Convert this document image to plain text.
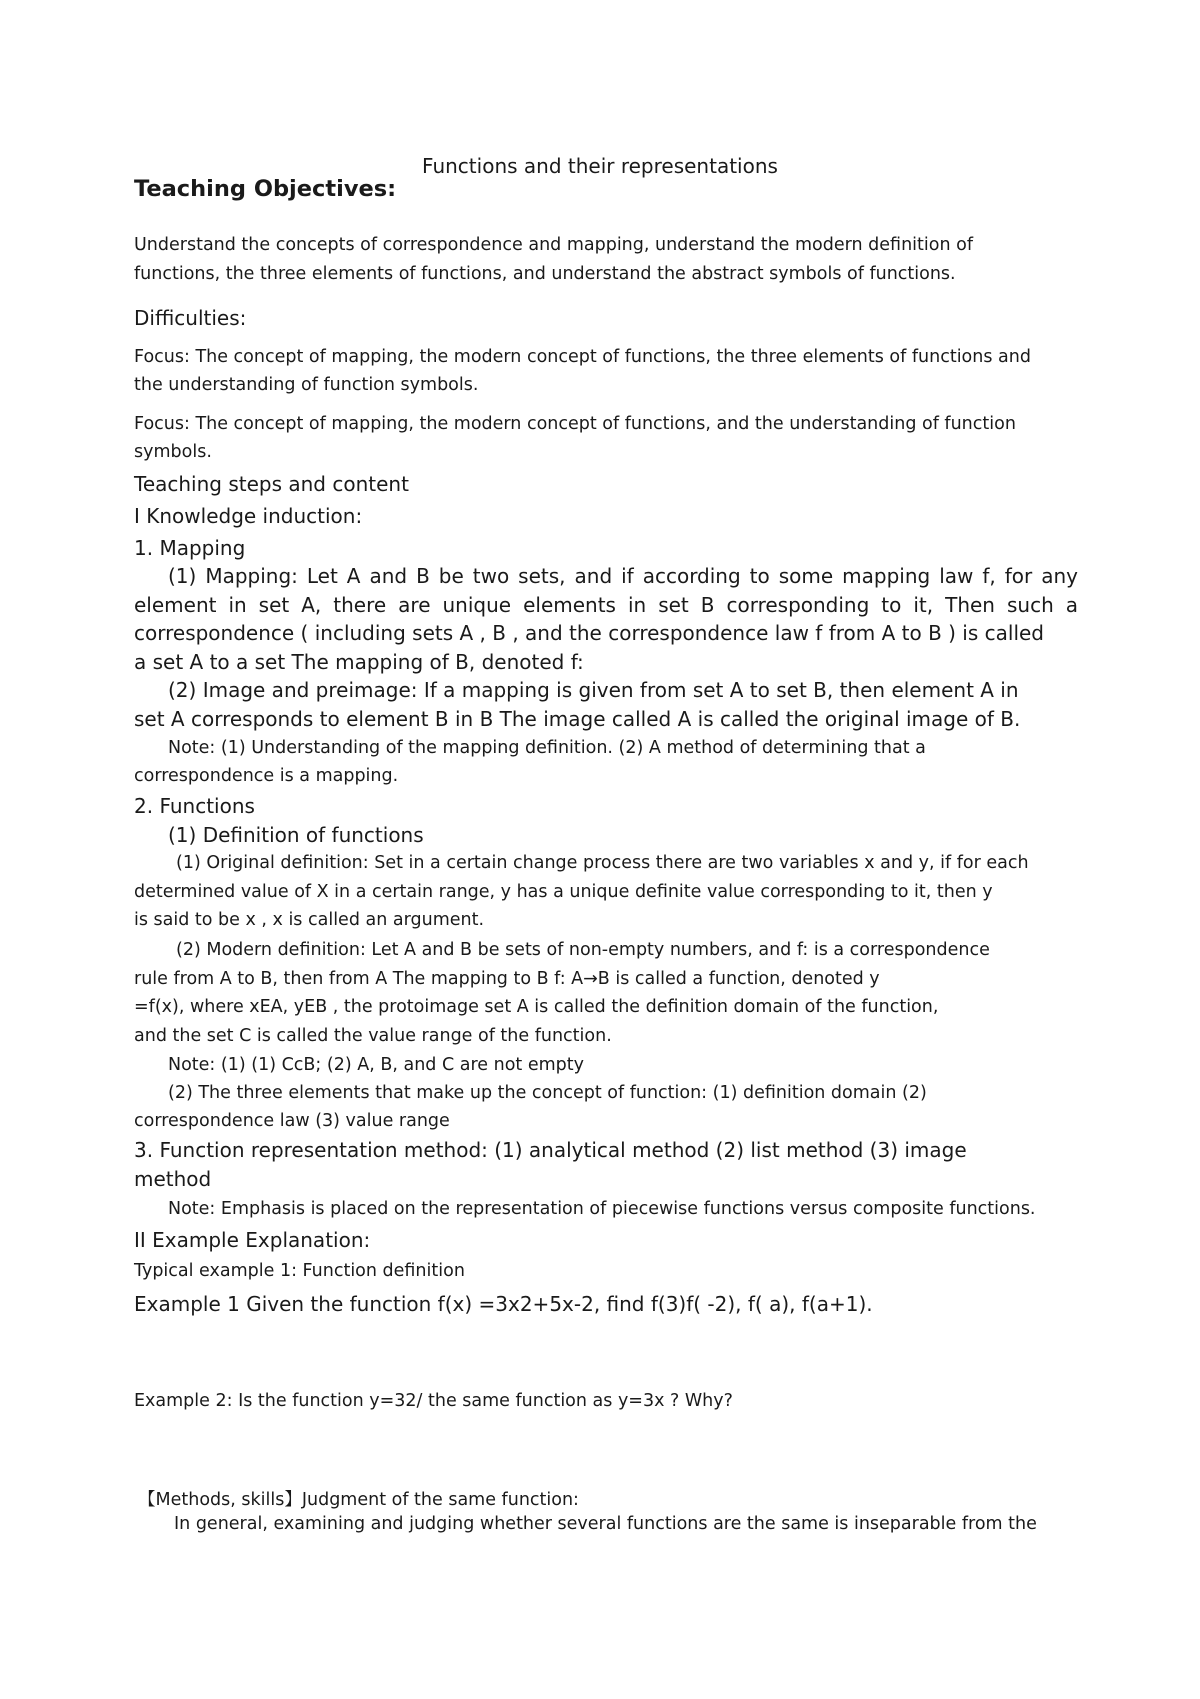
Functions and their representations
Teaching Objectives:
Understand the concepts of correspondence and mapping, understand the modern definition of
functions, the three elements of functions, and understand the abstract symbols of functions.
Difficulties:
Focus: The concept of mapping, the modern concept of functions, the three elements of functions and
the understanding of function symbols.
Focus: The concept of mapping, the modern concept of functions, and the understanding of function
symbols.
Teaching steps and content
I Knowledge induction:
1. Mapping
(1) Mapping: Let A and B be two sets, and if according to some mapping law f, for any
element in set A, there are unique elements in set B corresponding to it, Then such a
correspondence ( including sets A , B , and the correspondence law f from A to B ) is called
a set A to a set The mapping of B, denoted f:
(2) Image and preimage: If a mapping is given from set A to set B, then element A in
set A corresponds to element B in B The image called A is called the original image of B.
Note: (1) Understanding of the mapping definition. (2) A method of determining that a
correspondence is a mapping.
2. Functions
(1) Definition of functions
(1) Original definition: Set in a certain change process there are two variables x and y, if for each
determined value of X in a certain range, y has a unique definite value corresponding to it, then y
is said to be x , x is called an argument.
(2) Modern definition: Let A and B be sets of non-empty numbers, and f: is a correspondence
rule from A to B, then from A The mapping to B f: A→B is called a function, denoted y
=f(x), where xEA, yEB , the protoimage set A is called the definition domain of the function,
and the set C is called the value range of the function.
Note: (1) (1) CcB; (2) A, B, and C are not empty
(2) The three elements that make up the concept of function: (1) definition domain (2)
correspondence law (3) value range
3. Function representation method: (1) analytical method (2) list method (3) image
method
Note: Emphasis is placed on the representation of piecewise functions versus composite functions.
II Example Explanation:
Typical example 1: Function definition
Example 1 Given the function f(x) =3x2+5x-2, find f(3)f( -2), f( a), f(a+1).
Example 2: Is the function y=32/ the same function as y=3x ? Why?
【Methods, skills】Judgment of the same function:
In general, examining and judging whether several functions are the same is inseparable from the
